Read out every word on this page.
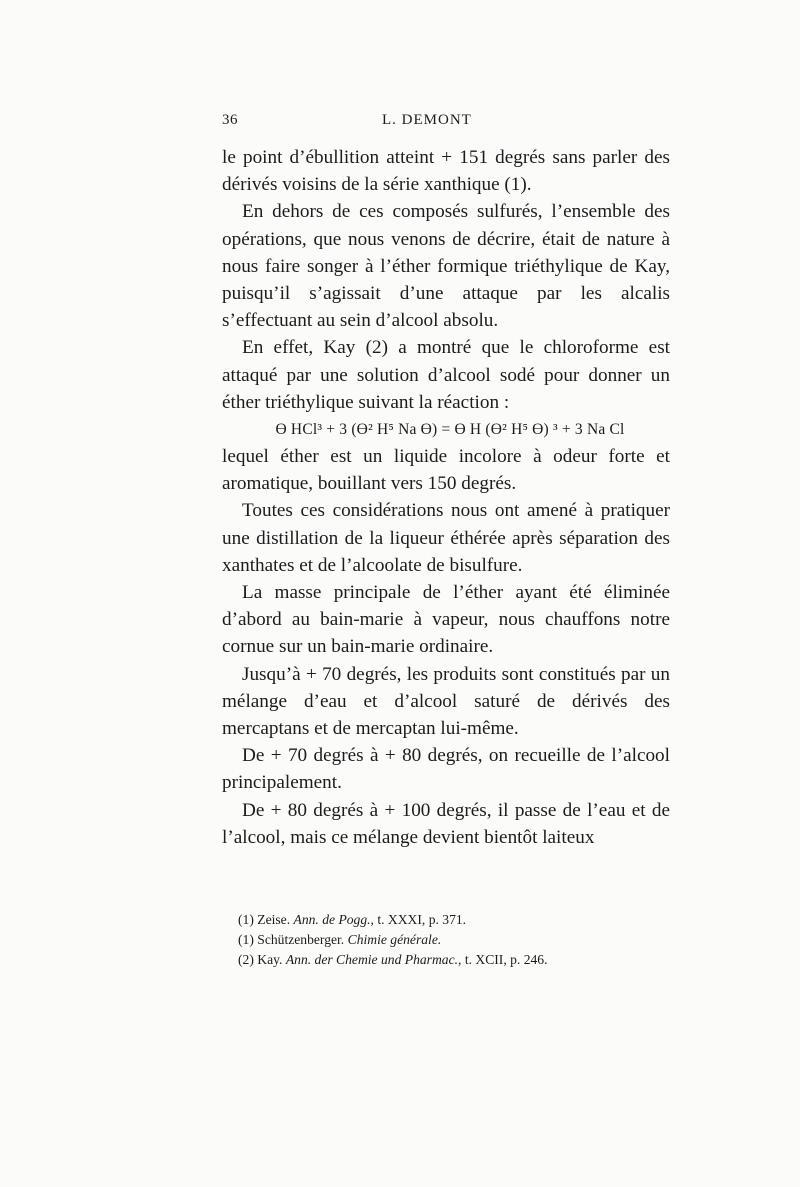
36	L. DEMONT

le point d’ébullition atteint + 151 degrés sans parler des dérivés voisins de la série xanthique (1).

En dehors de ces composés sulfurés, l’ensemble des opérations, que nous venons de décrire, était de nature à nous faire songer à l’éther formique triéthylique de Kay, puisqu’il s’agissait d’une attaque par les alcalis s’effectuant au sein d’alcool absolu.

En effet, Kay (2) a montré que le chloroforme est attaqué par une solution d’alcool sodé pour donner un éther triéthylique suivant la réaction :

Ɵ HCl³ + 3 (Ɵ² H⁵ Na Ɵ) = Ɵ H (Ɵ² H⁵ Ɵ) ³ + 3 Na Cl

lequel éther est un liquide incolore à odeur forte et aromatique, bouillant vers 150 degrés.

Toutes ces considérations nous ont amené à pratiquer une distillation de la liqueur éthérée après séparation des xanthates et de l’alcoolate de bisulfure.

La masse principale de l’éther ayant été éliminée d’abord au bain-marie à vapeur, nous chauffons notre cornue sur un bain-marie ordinaire.

Jusqu’à + 70 degrés, les produits sont constitués par un mélange d’eau et d’alcool saturé de dérivés des mercaptans et de mercaptan lui-même.

De + 70 degrés à + 80 degrés, on recueille de l’alcool principalement.

De + 80 degrés à + 100 degrés, il passe de l’eau et de l’alcool, mais ce mélange devient bientôt laiteux

(1) Zeise. Ann. de Pogg., t. XXXI, p. 371.
(1) Schützenberger. Chimie générale.
(2) Kay. Ann. der Chemie und Pharmac., t. XCII, p. 246.
